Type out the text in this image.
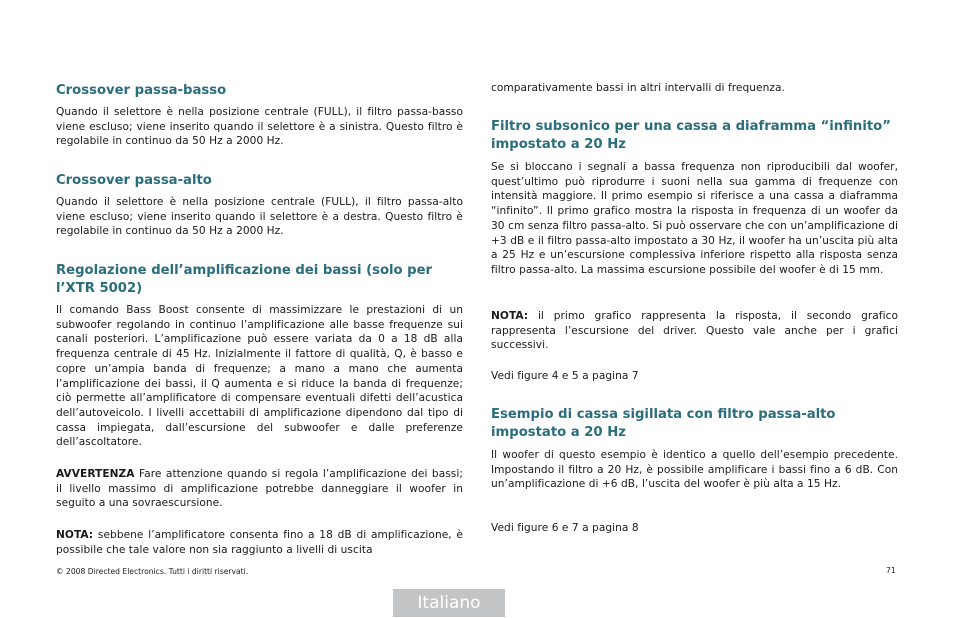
Crossover passa-basso

Quando il selettore è nella posizione centrale (FULL), il filtro passa-basso viene escluso; viene inserito quando il selettore è a sinistra. Questo filtro è regolabile in continuo da 50 Hz a 2000 Hz.

Crossover passa-alto

Quando il selettore è nella posizione centrale (FULL), il filtro passa-alto viene escluso; viene inserito quando il selettore è a destra. Questo filtro è regolabile in continuo da 50 Hz a 2000 Hz.

Regolazione dell’amplificazione dei bassi (solo per l’XTR 5002)

Il comando Bass Boost consente di massimizzare le prestazioni di un subwoofer regolando in continuo l’amplificazione alle basse frequenze sui canali posteriori. L’amplificazione può essere variata da 0 a 18 dB alla frequenza centrale di 45 Hz. Inizialmente il fattore di qualità, Q, è basso e copre un’ampia banda di frequenze; a mano a mano che aumenta l’amplificazione dei bassi, il Q aumenta e si riduce la banda di frequenze; ciò permette all’amplificatore di compensare eventuali difetti dell’acustica dell’autoveicolo. I livelli accettabili di amplificazione dipendono dal tipo di cassa impiegata, dall’escursione del subwoofer e dalle preferenze dell’ascoltatore.

AVVERTENZA Fare attenzione quando si regola l’amplificazione dei bassi; il livello massimo di amplificazione potrebbe danneggiare il woofer in seguito a una sovraescursione.

NOTA: sebbene l’amplificatore consenta fino a 18 dB di amplificazione, è possibile che tale valore non sia raggiunto a livelli di uscita

comparativamente bassi in altri intervalli di frequenza.

Filtro subsonico per una cassa a diaframma “infinito” impostato a 20 Hz

Se si bloccano i segnali a bassa frequenza non riproducibili dal woofer, quest’ultimo può riprodurre i suoni nella sua gamma di frequenze con intensità maggiore. Il primo esempio si riferisce a una cassa a diaframma “infinito”. Il primo grafico mostra la risposta in frequenza di un woofer da 30 cm senza filtro passa-alto. Si può osservare che con un’amplificazione di +3 dB e il filtro passa-alto impostato a 30 Hz, il woofer ha un’uscita più alta a 25 Hz e un’escursione complessiva inferiore rispetto alla risposta senza filtro passa-alto. La massima escursione possibile del woofer è di 15 mm.

NOTA: il primo grafico rappresenta la risposta, il secondo grafico rappresenta l’escursione del driver. Questo vale anche per i grafici successivi.

Vedi figure 4 e 5 a pagina 7

Esempio di cassa sigillata con filtro passa-alto impostato a 20 Hz

Il woofer di questo esempio è identico a quello dell’esempio precedente. Impostando il filtro a 20 Hz, è possibile amplificare i bassi fino a 6 dB. Con un’amplificazione di +6 dB, l’uscita del woofer è più alta a 15 Hz.

Vedi figure 6 e 7 a pagina 8

© 2008 Directed Electronics. Tutti i diritti riservati.	71
Italiano
